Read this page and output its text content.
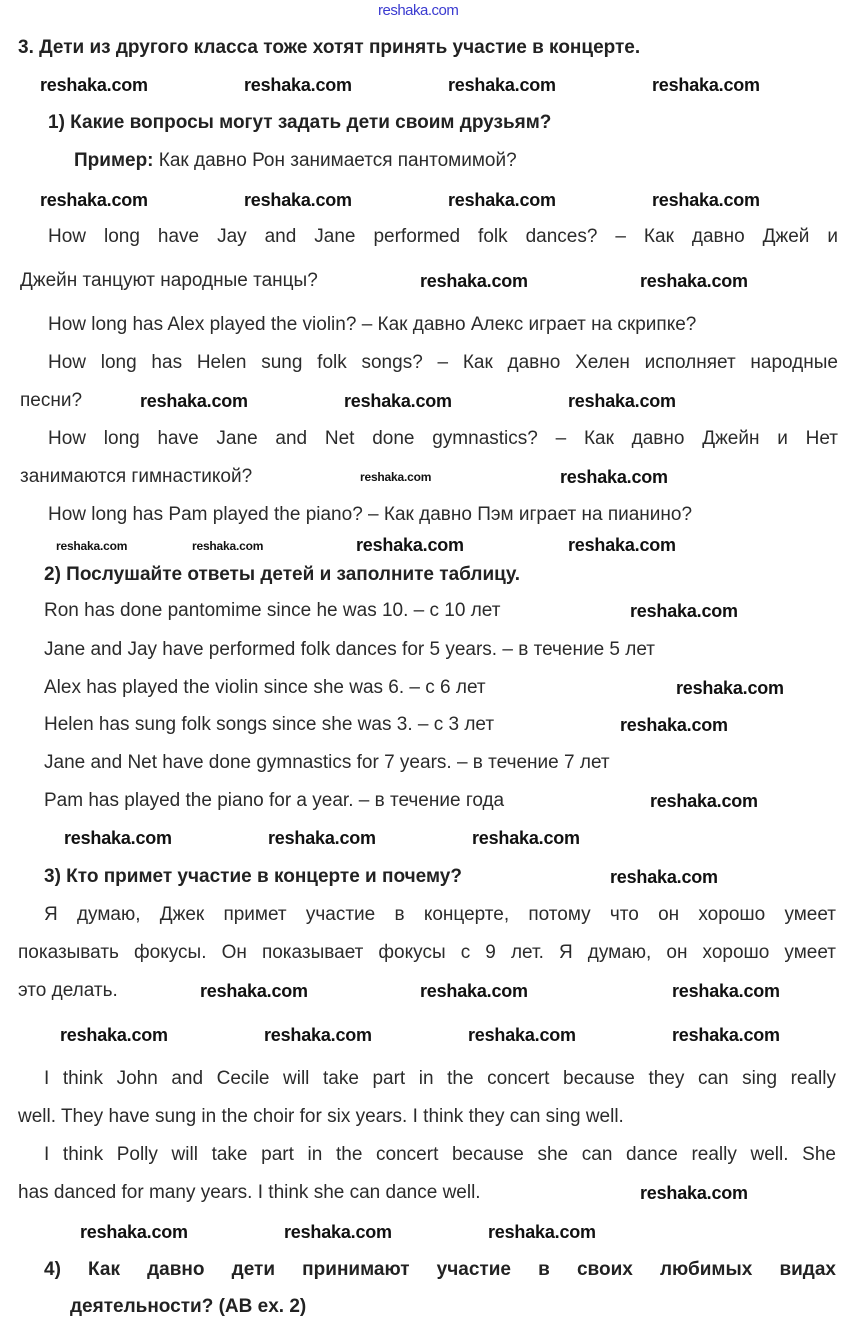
reshaka.com
3. Дети из другого класса тоже хотят принять участие в концерте.
1) Какие вопросы могут задать дети своим друзьям?
Пример: Как давно Рон занимается пантомимой?
How long have Jay and Jane performed folk dances? – Как давно Джей и
Джейн танцуют народные танцы?
How long has Alex played the violin? – Как давно Алекс играет на скрипке?
How long has Helen sung folk songs? – Как давно Хелен исполняет народные
песни?
How long have Jane and Net done gymnastics? – Как давно Джейн и Нет
занимаются гимнастикой?
How long has Pam played the piano? – Как давно Пэм играет на пианино?
2) Послушайте ответы детей и заполните таблицу.
Ron has done pantomime since he was 10. – с 10 лет
Jane and Jay have performed folk dances for 5 years. – в течение 5 лет
Alex has played the violin since she was 6. – с 6 лет
Helen has sung folk songs since she was 3. – с 3 лет
Jane and Net have done gymnastics for 7 years. – в течение 7 лет
Pam has played the piano for a year. – в течение года
3) Кто примет участие в концерте и почему?
Я думаю, Джек примет участие в концерте, потому что он хорошо умеет
показывать фокусы. Он показывает фокусы с 9 лет. Я думаю, он хорошо умеет
это делать.
I think John and Cecile will take part in the concert because they can sing really
well. They have sung in the choir for six years. I think they can sing well.
I think Polly will take part in the concert because she can dance really well. She
has danced for many years. I think she can dance well.
4) Как давно дети принимают участие в своих любимых видах
деятельности? (AB ex. 2)
reshaka.com	reshaka.com	reshaka.com	reshaka.com
reshaka.com	reshaka.com	reshaka.com	reshaka.com
reshaka.com	reshaka.com
reshaka.com	reshaka.com	reshaka.com
reshaka.com	reshaka.com
reshaka.com	reshaka.com	reshaka.com	reshaka.com
reshaka.com
reshaka.com
reshaka.com
reshaka.com
reshaka.com	reshaka.com	reshaka.com
reshaka.com
reshaka.com	reshaka.com	reshaka.com
reshaka.com	reshaka.com	reshaka.com	reshaka.com
reshaka.com
reshaka.com	reshaka.com	reshaka.com
